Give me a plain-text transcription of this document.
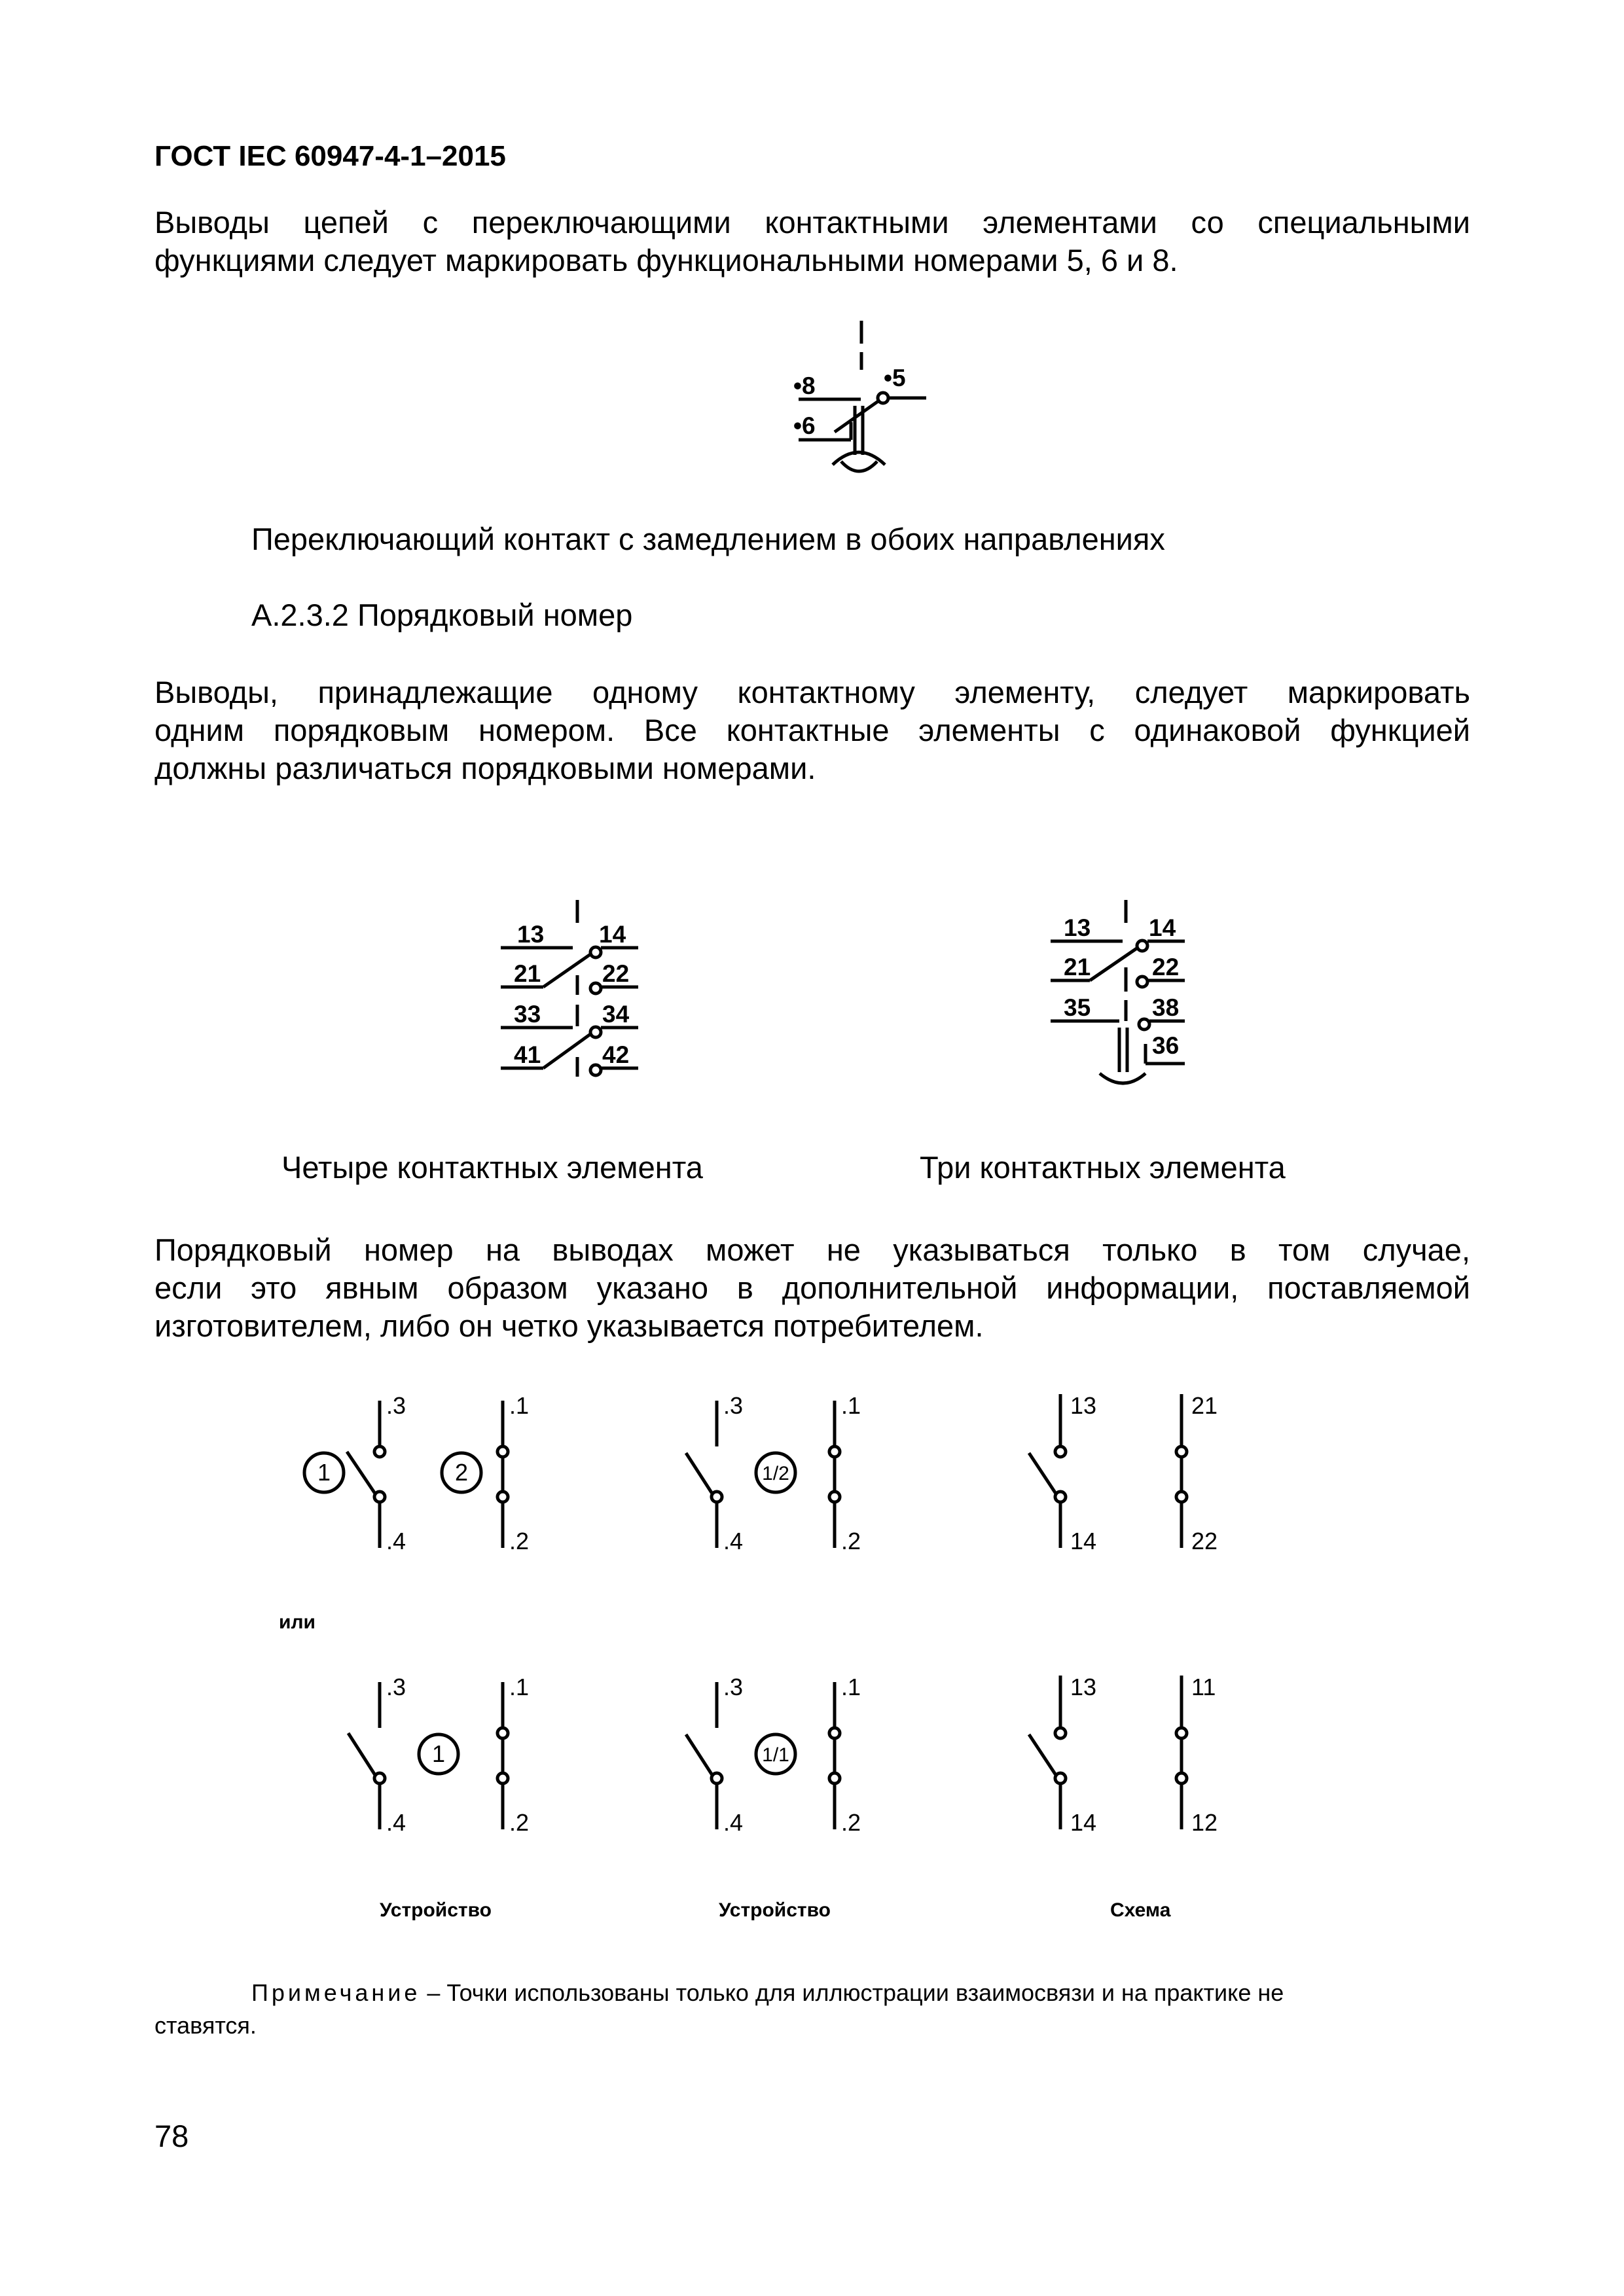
ГОСТ IEC 60947-4-1–2015
Выводы цепей с переключающими контактными элементами со специальными
функциями следует маркировать функциональными номерами 5, 6 и 8.
•8	•5
•6
Переключающий контакт с замедлением в обоих направлениях
А.2.3.2 Порядковый номер
Выводы, принадлежащие одному контактному элементу, следует маркировать
одним порядковым номером. Все контактные элементы с одинаковой функцией
должны различаться порядковыми номерами.
13 14
21	22
33	34
41	42
13 14
21	22
35	38
36
Четыре контактных элемента	Три контактных элемента
Порядковый номер на выводах может не указываться только в том случае,
если это явным образом указано в дополнительной информации, поставляемой
изготовителем, либо он четко указывается потребителем.
.3
.4
.1
.2
1	2
.3
.4
.1
.2
1/2
13
14
21
22
или
.3
.4
.1
.2
1
.3
.4
.1
.2
1/1
13
14
11
12
Устройство	Устройство	Схема
Примечание – Точки использованы только для иллюстрации взаимосвязи и на практике не
ставятся.
78
